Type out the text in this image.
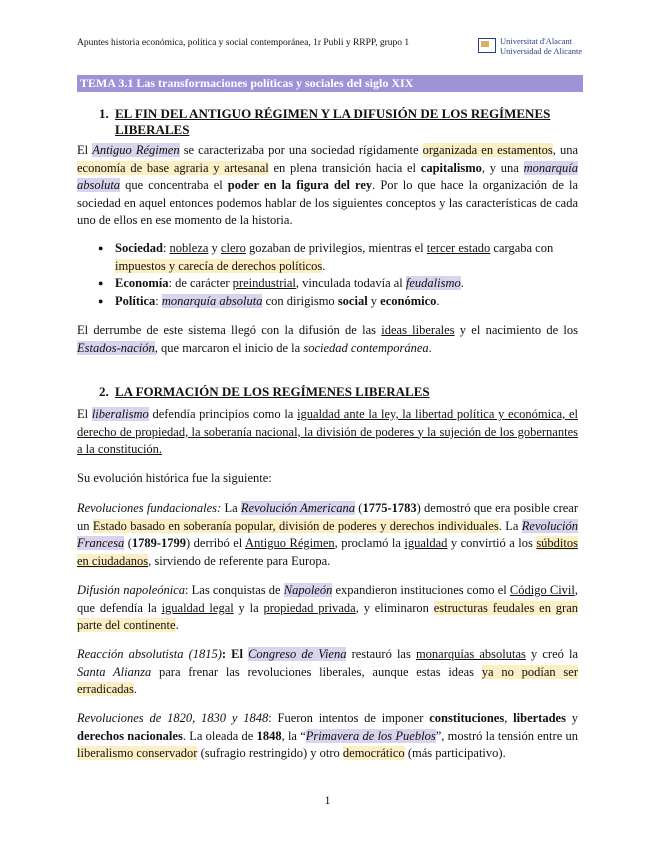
Apuntes historia económica, política y social contemporánea, 1r Publi y RRPP, grupo 1	Universitat d'Alacant
Universidad de Alicante
TEMA 3.1 Las transformaciones políticas y sociales del siglo XIX
1. EL FIN DEL ANTIGUO RÉGIMEN Y LA DIFUSIÓN DE LOS REGÍMENES
LIBERALES

El Antiguo Régimen se caracterizaba por una sociedad rígidamente organizada en estamentos, una economía de base agraria y artesanal en plena transición hacia el capitalismo, y una monarquía absoluta que concentraba el poder en la figura del rey. Por lo que hace la organización de la sociedad en aquel entonces podemos hablar de los siguientes conceptos y las características de cada uno de ellos en ese momento de la historia.

● Sociedad: nobleza y clero gozaban de privilegios, mientras el tercer estado cargaba con impuestos y carecía de derechos políticos.
● Economía: de carácter preindustrial, vinculada todavía al feudalismo.
● Política: monarquía absoluta con dirigismo social y económico.

El derrumbe de este sistema llegó con la difusión de las ideas liberales y el nacimiento de los Estados-nación, que marcaron el inicio de la sociedad contemporánea.

2. LA FORMACIÓN DE LOS REGÍMENES LIBERALES

El liberalismo defendía principios como la igualdad ante la ley, la libertad política y económica, el derecho de propiedad, la soberanía nacional, la división de poderes y la sujeción de los gobernantes a la constitución.

Su evolución histórica fue la siguiente:

Revoluciones fundacionales: La Revolución Americana (1775-1783) demostró que era posible crear un Estado basado en soberanía popular, división de poderes y derechos individuales. La Revolución Francesa (1789-1799) derribó el Antiguo Régimen, proclamó la igualdad y convirtió a los súbditos en ciudadanos, sirviendo de referente para Europa.

Difusión napoleónica: Las conquistas de Napoleón expandieron instituciones como el Código Civil, que defendía la igualdad legal y la propiedad privada, y eliminaron estructuras feudales en gran parte del continente.

Reacción absolutista (1815): El Congreso de Viena restauró las monarquías absolutas y creó la Santa Alianza para frenar las revoluciones liberales, aunque estas ideas ya no podían ser erradicadas.

Revoluciones de 1820, 1830 y 1848: Fueron intentos de imponer constituciones, libertades y derechos nacionales. La oleada de 1848, la “Primavera de los Pueblos”, mostró la tensión entre un liberalismo conservador (sufragio restringido) y otro democrático (más participativo).

1
